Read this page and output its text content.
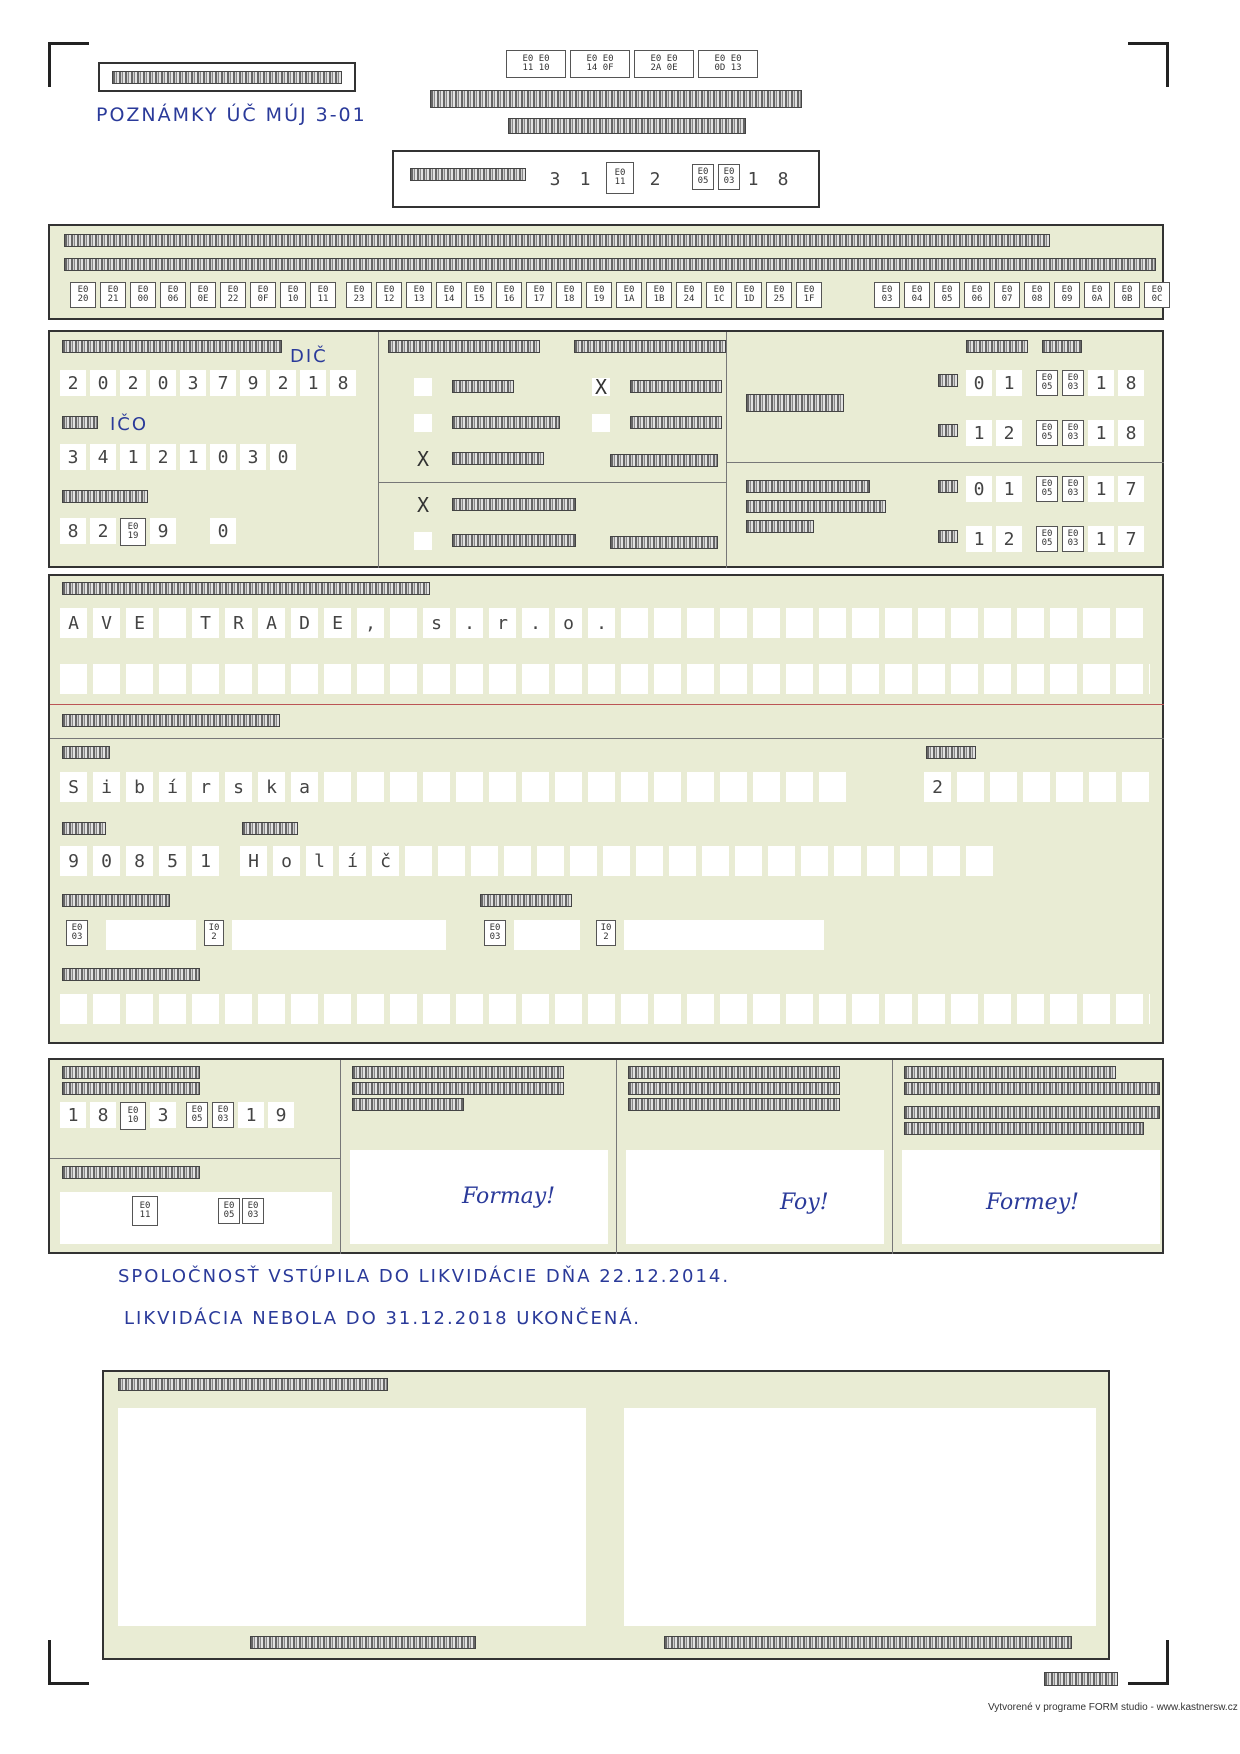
POZNÁMKY ÚČ MÚJ 3-01
E0 E0
11 10
E0 E0
14 0F
E0 E0
2A 0E
E0 E0
0D 13
3	1	E0
11	2	E0
05
E0
03 1	8
E0
20
E0
21
E0
00
E0
06
E0
0E
E0
22
E0
0F
E0
10
E0
11
E0
23
E0
12
E0
13
E0
14
E0
15
E0
16
E0
17
E0
18
E0
19
E0
1A
E0
1B
E0
24
E0
1C
E0
1D
E0
25
E0
1F
E0
03
E0
04
E0
05
E0
06
E0
07
E0
08
E0
09
E0
0A
E0
0B
E0
0C
DIČ
2	0	2	0	3	7	9	2	1	8
IČO
3	4	1	2	1	0	3	0
8	2	E0
19	9	0
X
X
X
0	1	E0
05
E0
03 1	8
1	2	E0
05
E0
03 1	8
0	1	E0
05
E0
03 1	7
1	2	E0
05
E0
03 1	7
A	V	E	T	R	A	D	E	,	s	.	r	.	o	.
S	i	b	í	r	s	k	a	2
9	0	8	5	1	H	o	l	í	č
E0
03
I0
2
E0
03
I0
2
1	8	E0
10	3	E0
05
E0
03 1	9
E0
11
E0
05
E0
03
Formay!	Foy!	Formey!
SPOLOČNOSŤ VSTÚPILA DO LIKVIDÁCIE DŇA 22.12.2014.
LIKVIDÁCIA NEBOLA DO 31.12.2018 UKONČENÁ.
Vytvorené v programe FORM studio - www.kastnersw.cz
